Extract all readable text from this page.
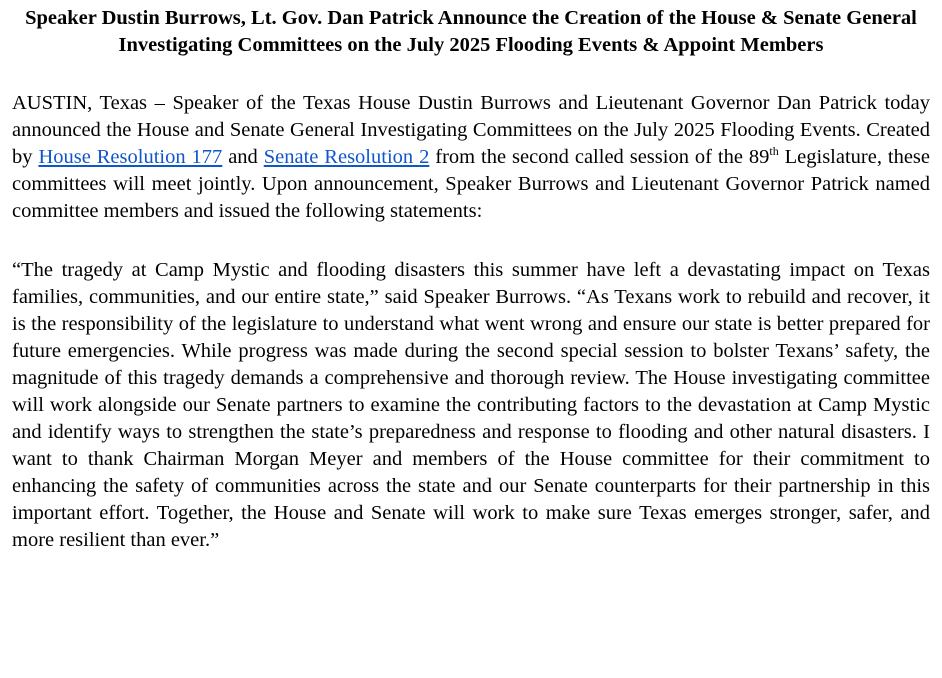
Speaker Dustin Burrows, Lt. Gov. Dan Patrick Announce the Creation of the House & Senate General Investigating Committees on the July 2025 Flooding Events & Appoint Members

AUSTIN, Texas – Speaker of the Texas House Dustin Burrows and Lieutenant Governor Dan Patrick today announced the House and Senate General Investigating Committees on the July 2025 Flooding Events. Created by House Resolution 177 and Senate Resolution 2 from the second called session of the 89th Legislature, these committees will meet jointly. Upon announcement, Speaker Burrows and Lieutenant Governor Patrick named committee members and issued the following statements:

“The tragedy at Camp Mystic and flooding disasters this summer have left a devastating impact on Texas families, communities, and our entire state,” said Speaker Burrows. “As Texans work to rebuild and recover, it is the responsibility of the legislature to understand what went wrong and ensure our state is better prepared for future emergencies. While progress was made during the second special session to bolster Texans’ safety, the magnitude of this tragedy demands a comprehensive and thorough review. The House investigating committee will work alongside our Senate partners to examine the contributing factors to the devastation at Camp Mystic and identify ways to strengthen the state’s preparedness and response to flooding and other natural disasters. I want to thank Chairman Morgan Meyer and members of the House committee for their commitment to enhancing the safety of communities across the state and our Senate counterparts for their partnership in this important effort. Together, the House and Senate will work to make sure Texas emerges stronger, safer, and more resilient than ever.”
